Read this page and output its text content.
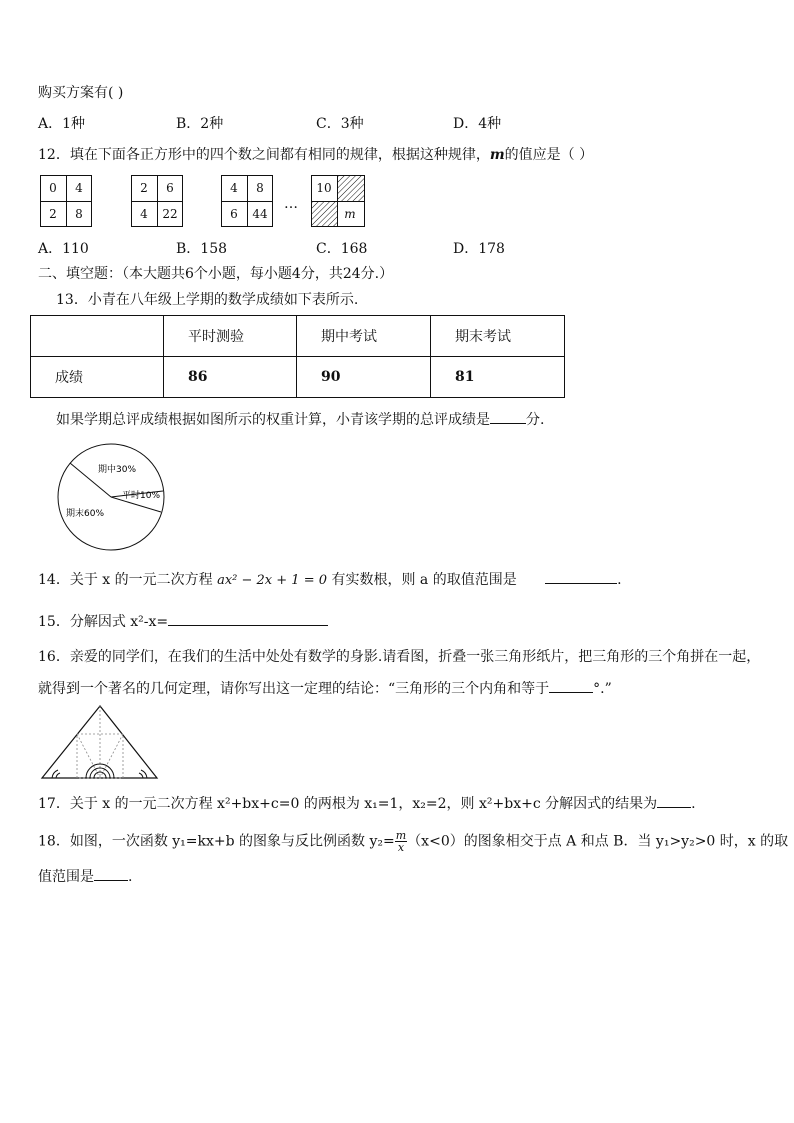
购买方案有( )
A．1种	B．2种	C．3种	D．4种
12．填在下面各正方形中的四个数之间都有相同的规律，根据这种规律，m的值应是（ ）
0	4
2	8
2	6
4	22
4	8
6	44
…
10
m
A．110	B．158	C．168	D．178
二、填空题：（本大题共6个小题，每小题4分，共24分.）
13．小青在八年级上学期的数学成绩如下表所示.
	平时测验	期中考试	期末考试
成绩	86	90	81
如果学期总评成绩根据如图所示的权重计算，小青该学期的总评成绩是	分.
期中30%
平时10%
期末60%
14．关于 x 的一元二次方程 ax² − 2x + 1 = 0 有实数根，则 a 的取值范围是	.
15．分解因式 x²-x=
16．亲爱的同学们，在我们的生活中处处有数学的身影.请看图，折叠一张三角形纸片，把三角形的三个角拼在一起，
就得到一个著名的几何定理，请你写出这一定理的结论：“三角形的三个内角和等于	°.”
17．关于 x 的一元二次方程 x²+bx+c=0 的两根为 x₁=1，x₂=2，则 x²+bx+c 分解因式的结果为 .
18．如图，一次函数 y₁=kx+b 的图象与反比例函数 $y_2= \frac{m}{x} (x<0)$的图象相交于点 A 和点 B．当 y₁>y₂>0 时，x 的取
值范围是 .
